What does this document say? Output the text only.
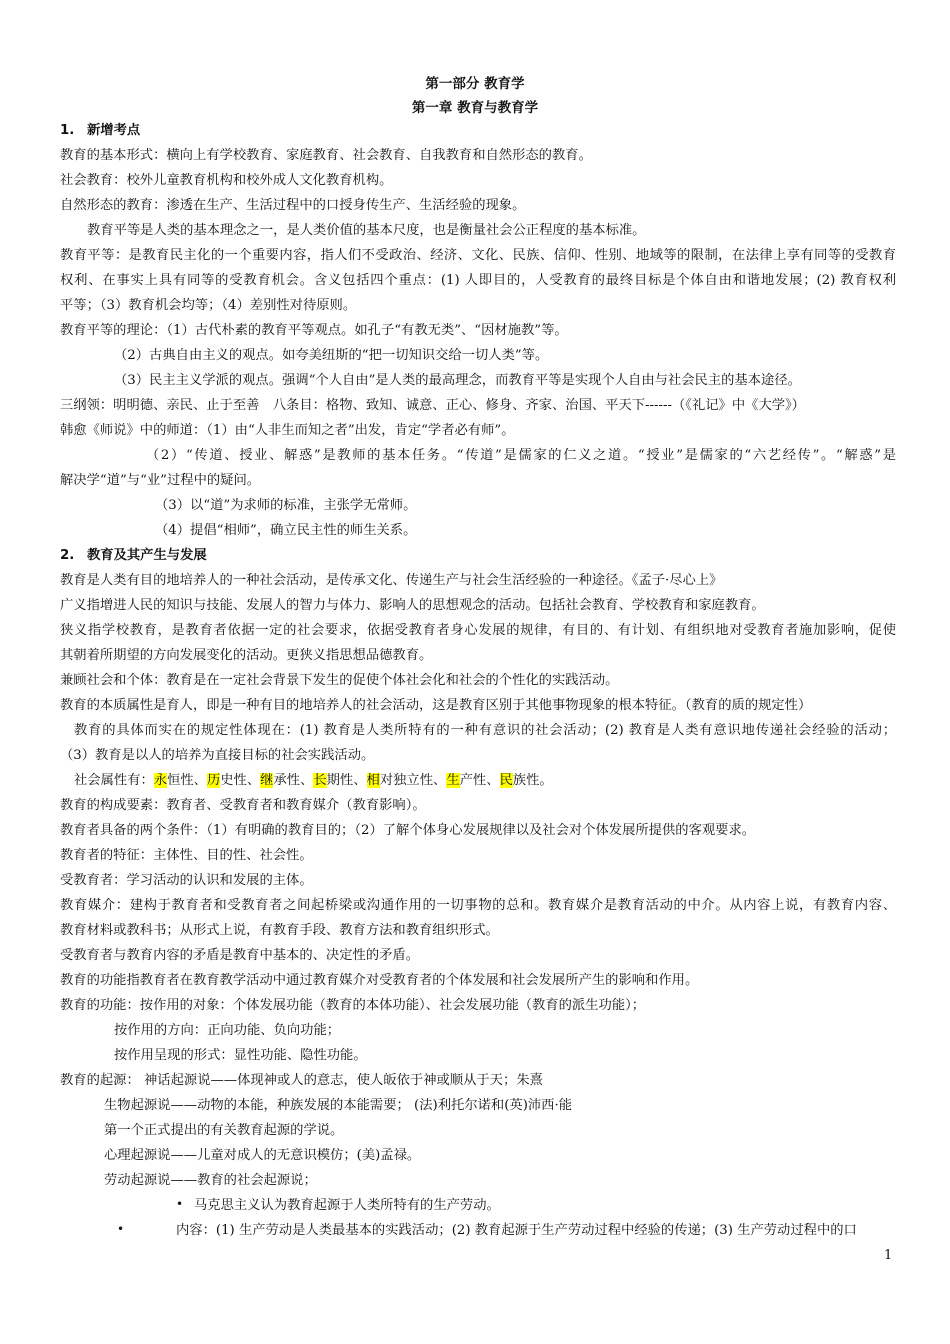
第一部分 教育学
第一章 教育与教育学
1. 新增考点
教育的基本形式：横向上有学校教育、家庭教育、社会教育、自我教育和自然形态的教育。
社会教育：校外儿童教育机构和校外成人文化教育机构。
自然形态的教育：渗透在生产、生活过程中的口授身传生产、生活经验的现象。
教育平等是人类的基本理念之一，是人类价值的基本尺度，也是衡量社会公正程度的基本标准。
教育平等：是教育民主化的一个重要内容，指人们不受政治、经济、文化、民族、信仰、性别、地域等的限制，在法律上享有同等的受教育
权利、在事实上具有同等的受教育机会。含义包括四个重点：(1) 人即目的，人受教育的最终目标是个体自由和谐地发展；(2) 教育权利
平等；（3）教育机会均等；（4）差别性对待原则。
教育平等的理论：（1）古代朴素的教育平等观点。如孔子“有教无类”、“因材施教”等。
（2）古典自由主义的观点。如夸美纽斯的“把一切知识交给一切人类”等。
（3）民主主义学派的观点。强调“个人自由”是人类的最高理念，而教育平等是实现个人自由与社会民主的基本途径。
三纲领：明明德、亲民、止于至善　八条目：格物、致知、诚意、正心、修身、齐家、治国、平天下------（《礼记》中《大学》）
韩愈《师说》中的师道：（1）由“人非生而知之者”出发，肯定“学者必有师”。
（2）“传道、授业、解惑”是教师的基本任务。“传道”是儒家的仁义之道。“授业”是儒家的“六艺经传”。“解惑”是
解决学“道”与“业”过程中的疑问。
（3）以“道”为求师的标准，主张学无常师。
（4）提倡“相师”，确立民主性的师生关系。
2. 教育及其产生与发展
教育是人类有目的地培养人的一种社会活动，是传承文化、传递生产与社会生活经验的一种途径。《孟子·尽心上》
广义指增进人民的知识与技能、发展人的智力与体力、影响人的思想观念的活动。包括社会教育、学校教育和家庭教育。
狭义指学校教育，是教育者依据一定的社会要求，依据受教育者身心发展的规律，有目的、有计划、有组织地对受教育者施加影响，促使
其朝着所期望的方向发展变化的活动。更狭义指思想品德教育。
兼顾社会和个体：教育是在一定社会背景下发生的促使个体社会化和社会的个性化的实践活动。
教育的本质属性是育人，即是一种有目的地培养人的社会活动，这是教育区别于其他事物现象的根本特征。（教育的质的规定性）
教育的具体而实在的规定性体现在：(1) 教育是人类所特有的一种有意识的社会活动；(2) 教育是人类有意识地传递社会经验的活动；
（3）教育是以人的培养为直接目标的社会实践活动。
社会属性有：永恒性、历史性、继承性、长期性、相对独立性、生产性、民族性。
教育的构成要素：教育者、受教育者和教育媒介（教育影响）。
教育者具备的两个条件：（1）有明确的教育目的；（2）了解个体身心发展规律以及社会对个体发展所提供的客观要求。
教育者的特征：主体性、目的性、社会性。
受教育者：学习活动的认识和发展的主体。
教育媒介：建构于教育者和受教育者之间起桥梁或沟通作用的一切事物的总和。教育媒介是教育活动的中介。从内容上说，有教育内容、
教育材料或教科书；从形式上说，有教育手段、教育方法和教育组织形式。
受教育者与教育内容的矛盾是教育中基本的、决定性的矛盾。
教育的功能指教育者在教育教学活动中通过教育媒介对受教育者的个体发展和社会发展所产生的影响和作用。
教育的功能：按作用的对象：个体发展功能（教育的本体功能）、社会发展功能（教育的派生功能）；
按作用的方向：正向功能、负向功能；
按作用呈现的形式：显性功能、隐性功能。
教育的起源： 神话起源说——体现神或人的意志，使人皈依于神或顺从于天；朱熹
生物起源说——动物的本能，种族发展的本能需要； (法)利托尔诺和(英)沛西·能
第一个正式提出的有关教育起源的学说。
心理起源说——儿童对成人的无意识模仿；(美)孟禄。
劳动起源说——教育的社会起源说；
• 马克思主义认为教育起源于人类所特有的生产劳动。
•	内容：(1) 生产劳动是人类最基本的实践活动；(2) 教育起源于生产劳动过程中经验的传递；(3) 生产劳动过程中的口
1
